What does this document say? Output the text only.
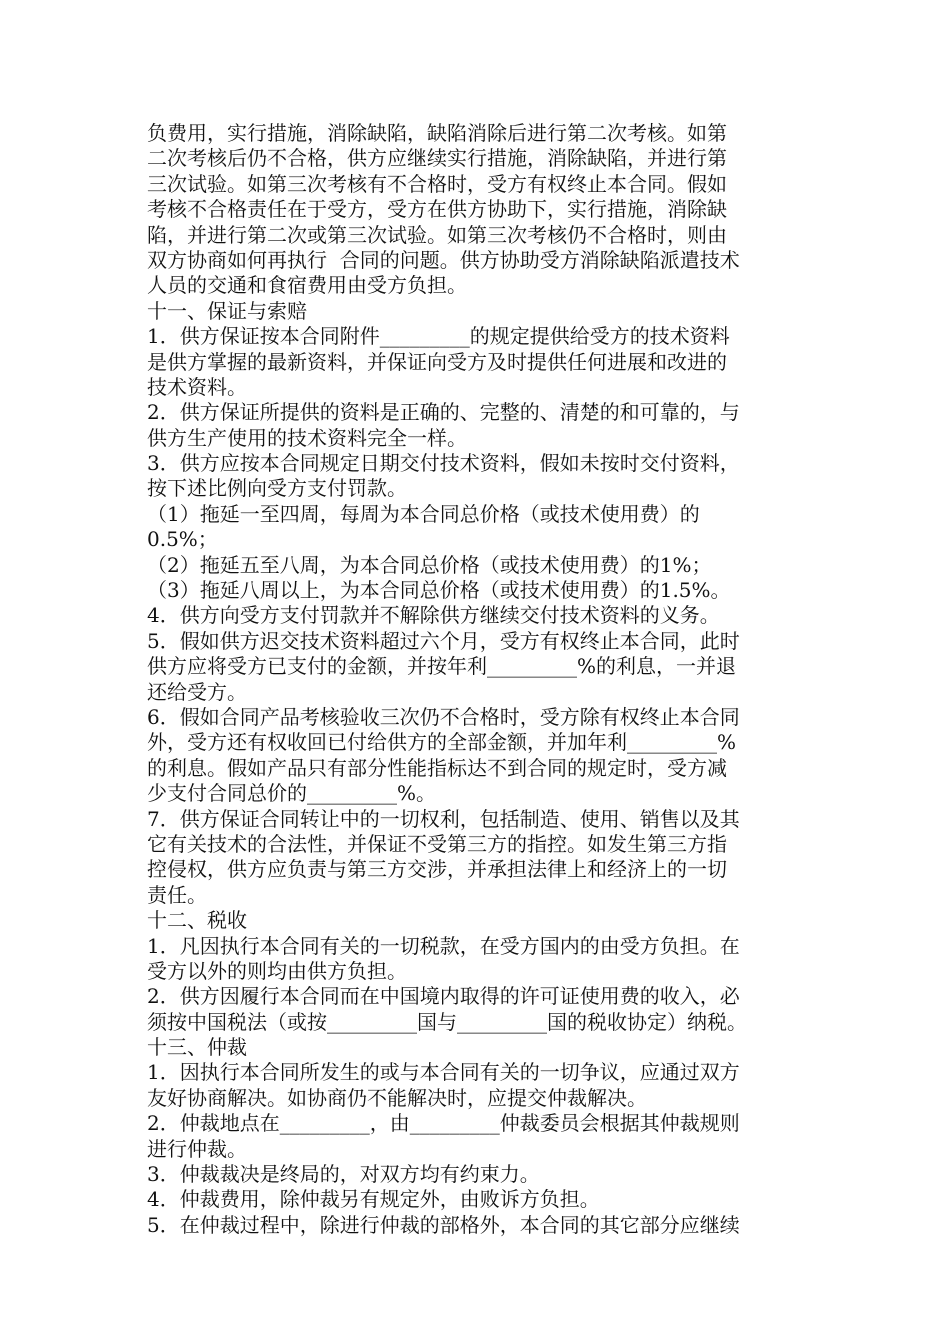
负费用，实行措施，消除缺陷，缺陷消除后进行第二次考核。如第
二次考核后仍不合格，供方应继续实行措施，消除缺陷，并进行第
三次试验。如第三次考核有不合格时，受方有权终止本合同。假如
考核不合格责任在于受方，受方在供方协助下，实行措施，消除缺
陷，并进行第二次或第三次试验。如第三次考核仍不合格时，则由
双方协商如何再执行  合同的问题。供方协助受方消除缺陷派遣技术
人员的交通和食宿费用由受方负担。
十一、保证与索赔
1．供方保证按本合同附件_________的规定提供给受方的技术资料
是供方掌握的最新资料，并保证向受方及时提供任何进展和改进的
技术资料。
2．供方保证所提供的资料是正确的、完整的、清楚的和可靠的，与
供方生产使用的技术资料完全一样。
3．供方应按本合同规定日期交付技术资料，假如未按时交付资料，
按下述比例向受方支付罚款。
（1）拖延一至四周，每周为本合同总价格（或技术使用费）的
0.5%；
（2）拖延五至八周，为本合同总价格（或技术使用费）的1%；
（3）拖延八周以上，为本合同总价格（或技术使用费）的1.5%。
4．供方向受方支付罚款并不解除供方继续交付技术资料的义务。
5．假如供方迟交技术资料超过六个月，受方有权终止本合同，此时
供方应将受方已支付的金额，并按年利_________%的利息，一并退
还给受方。
6．假如合同产品考核验收三次仍不合格时，受方除有权终止本合同
外，受方还有权收回已付给供方的全部金额，并加年利_________%
的利息。假如产品只有部分性能指标达不到合同的规定时，受方减
少支付合同总价的_________%。
7．供方保证合同转让中的一切权利，包括制造、使用、销售以及其
它有关技术的合法性，并保证不受第三方的指控。如发生第三方指
控侵权，供方应负责与第三方交涉，并承担法律上和经济上的一切
责任。
十二、税收
1．凡因执行本合同有关的一切税款，在受方国内的由受方负担。在
受方以外的则均由供方负担。
2．供方因履行本合同而在中国境内取得的许可证使用费的收入，必
须按中国税法（或按_________国与_________国的税收协定）纳税。
十三、仲裁
1．因执行本合同所发生的或与本合同有关的一切争议，应通过双方
友好协商解决。如协商仍不能解决时，应提交仲裁解决。
2．仲裁地点在_________，由_________仲裁委员会根据其仲裁规则
进行仲裁。
3．仲裁裁决是终局的，对双方均有约束力。
4．仲裁费用，除仲裁另有规定外，由败诉方负担。
5．在仲裁过程中，除进行仲裁的部格外，本合同的其它部分应继续
